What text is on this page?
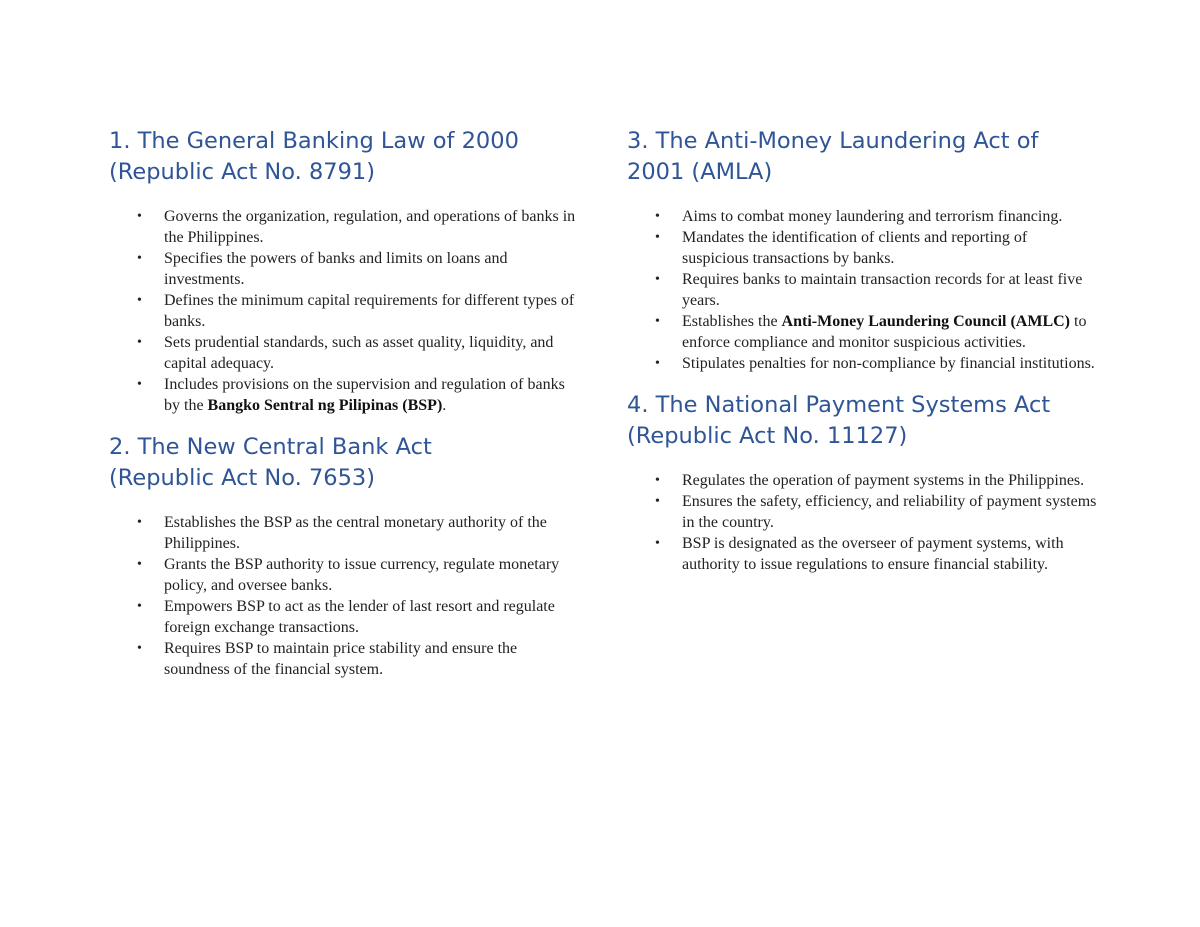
1. The General Banking Law of 2000
(Republic Act No. 8791)
• Governs the organization, regulation, and operations of banks in the Philippines.
• Specifies the powers of banks and limits on loans and investments.
• Defines the minimum capital requirements for different types of banks.
• Sets prudential standards, such as asset quality, liquidity, and capital adequacy.
• Includes provisions on the supervision and regulation of banks by the Bangko Sentral ng Pilipinas (BSP).
2. The New Central Bank Act
(Republic Act No. 7653)
• Establishes the BSP as the central monetary authority of the Philippines.
• Grants the BSP authority to issue currency, regulate monetary policy, and oversee banks.
• Empowers BSP to act as the lender of last resort and regulate foreign exchange transactions.
• Requires BSP to maintain price stability and ensure the soundness of the financial system.
3. The Anti-Money Laundering Act of
2001 (AMLA)
• Aims to combat money laundering and terrorism financing.
• Mandates the identification of clients and reporting of suspicious transactions by banks.
• Requires banks to maintain transaction records for at least five years.
• Establishes the Anti-Money Laundering Council (AMLC) to enforce compliance and monitor suspicious activities.
• Stipulates penalties for non-compliance by financial institutions.
4. The National Payment Systems Act
(Republic Act No. 11127)
• Regulates the operation of payment systems in the Philippines.
• Ensures the safety, efficiency, and reliability of payment systems in the country.
• BSP is designated as the overseer of payment systems, with authority to issue regulations to ensure financial stability.
